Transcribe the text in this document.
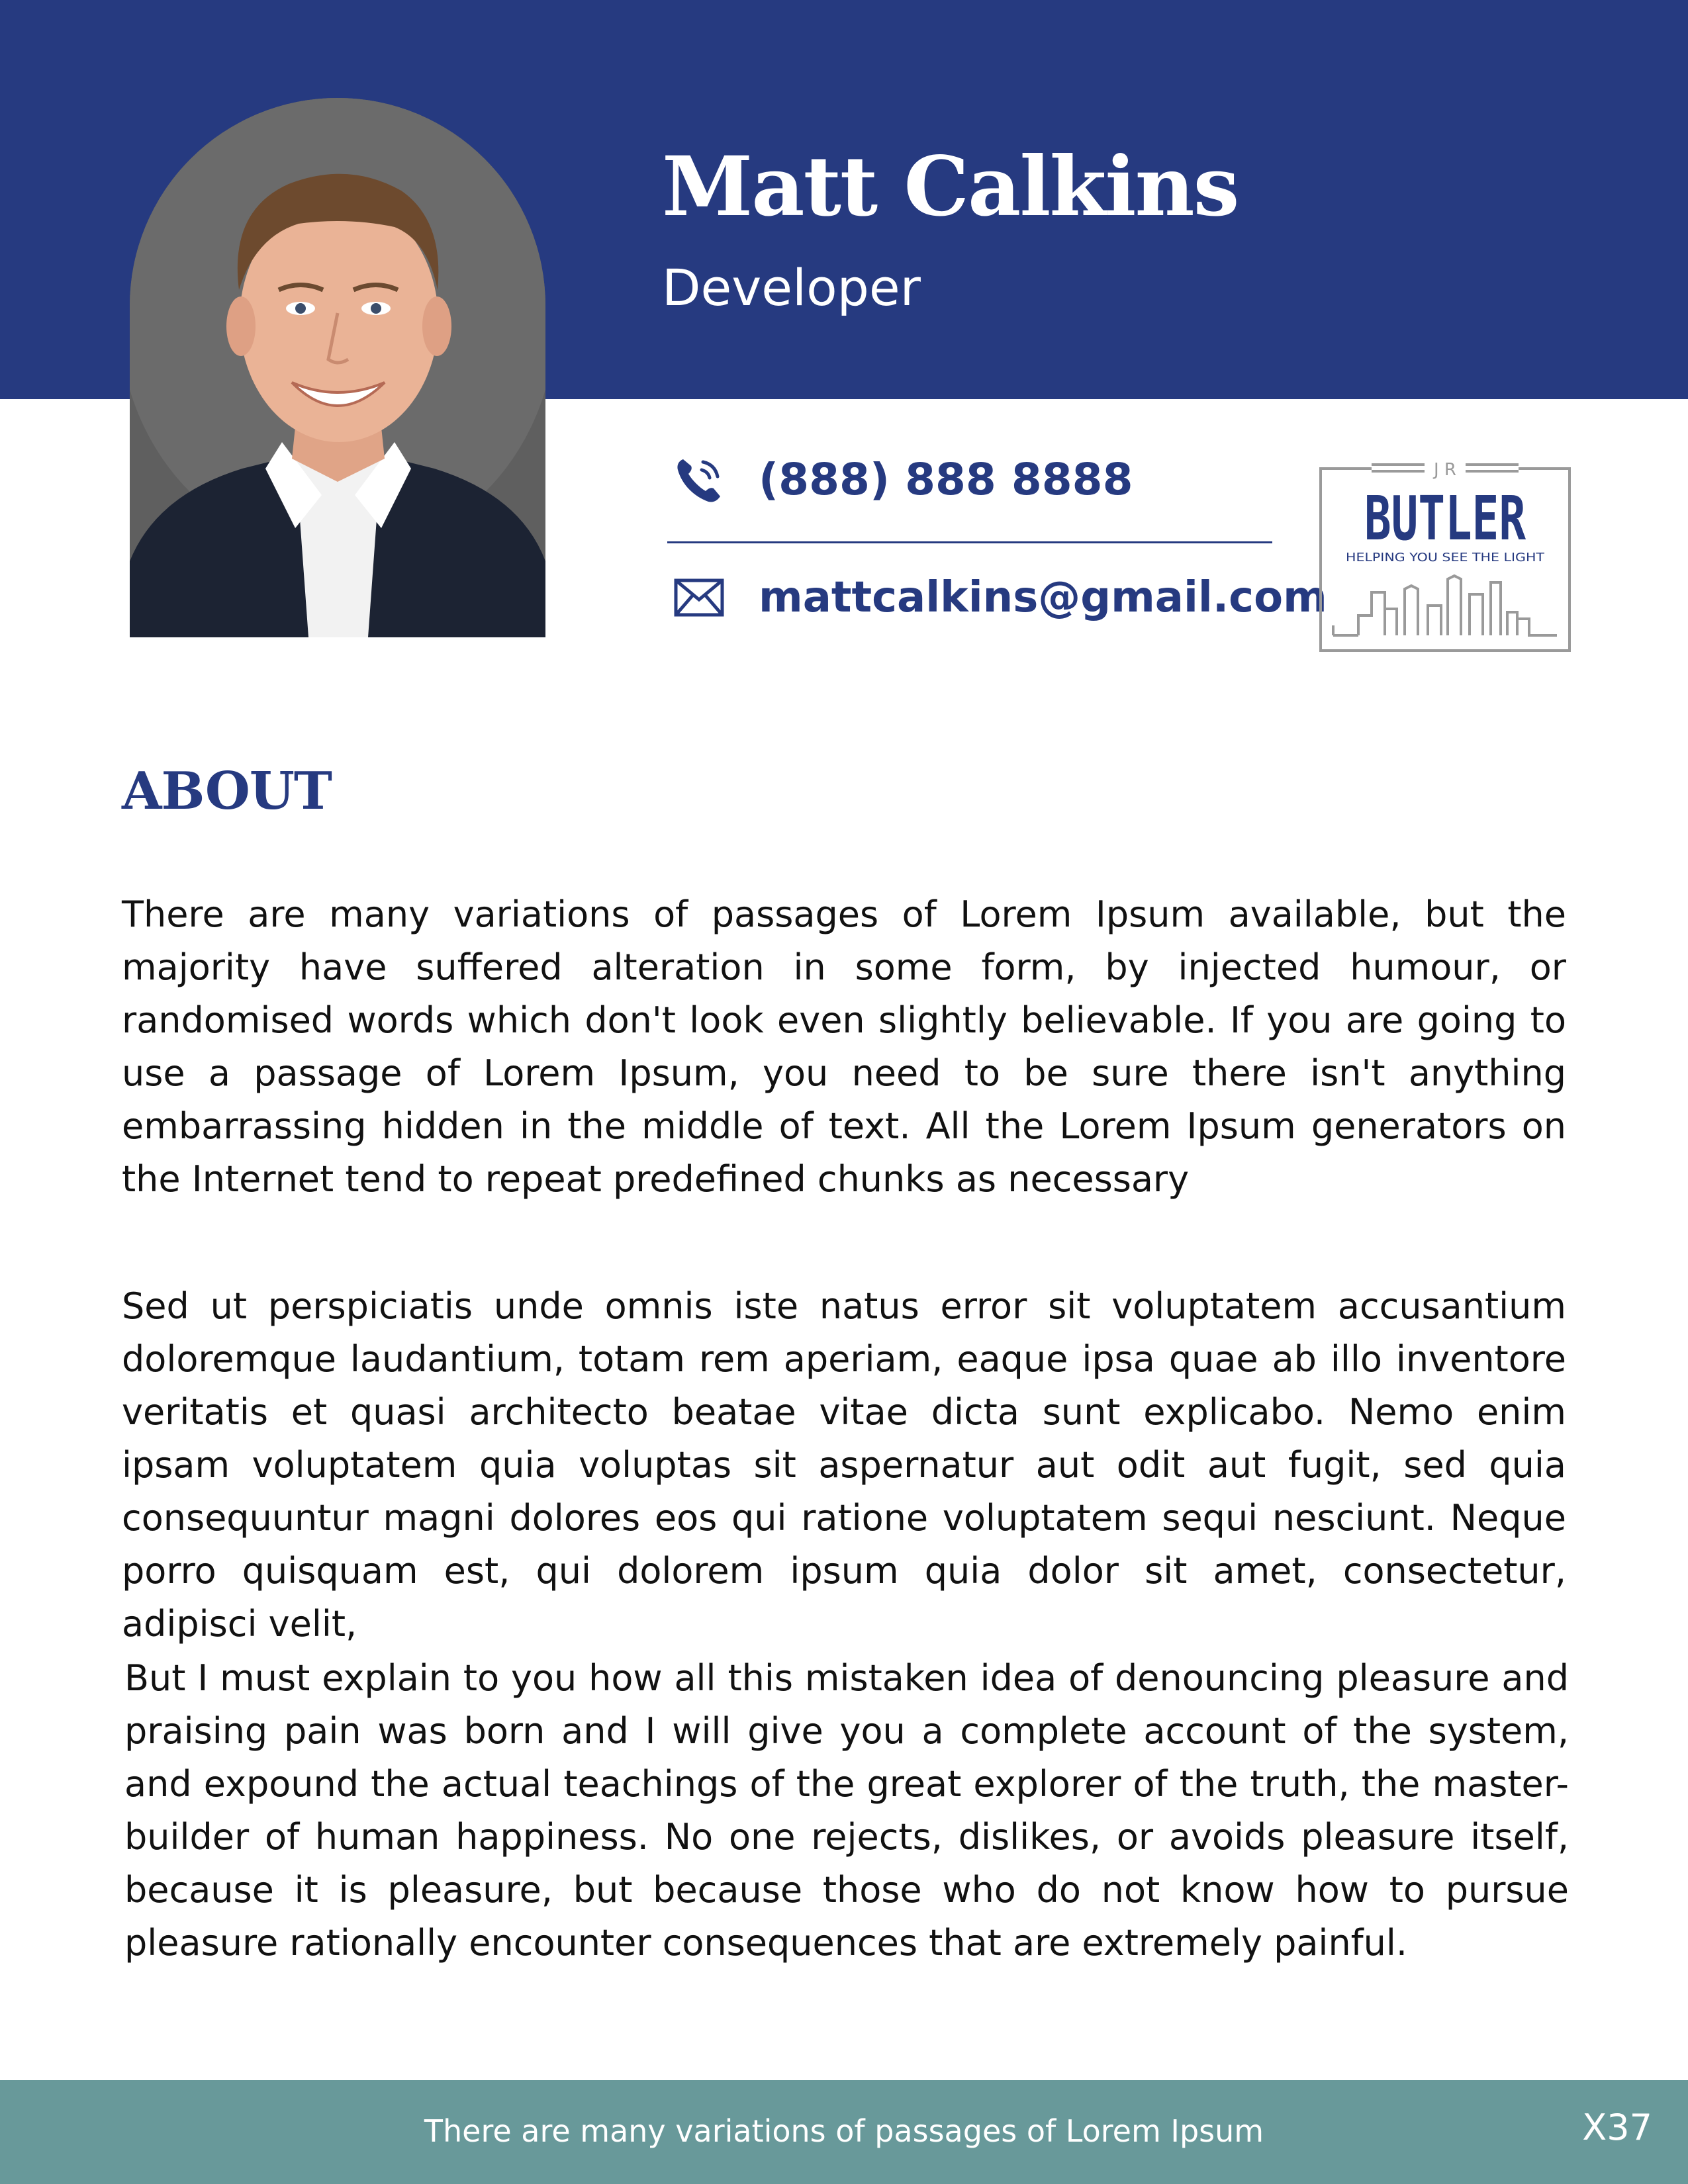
Matt Calkins
Developer
(888) 888 8888
mattcalkins@gmail.com
J R
BUTLER
HELPING YOU SEE THE LIGHT
ABOUT

There are many variations of passages of Lorem Ipsum available, but the majority have suffered alteration in some form, by injected humour, or randomised words which don't look even slightly believable. If you are going to use a passage of Lorem Ipsum, you need to be sure there isn't anything embarrassing hidden in the middle of text. All the Lorem Ipsum generators on the Internet tend to repeat predefined chunks as necessary

Sed ut perspiciatis unde omnis iste natus error sit voluptatem accusantium doloremque laudantium, totam rem aperiam, eaque ipsa quae ab illo inventore veritatis et quasi architecto beatae vitae dicta sunt explicabo. Nemo enim ipsam voluptatem quia voluptas sit aspernatur aut odit aut fugit, sed quia consequuntur magni dolores eos qui ratione voluptatem sequi nesciunt. Neque porro quisquam est, qui dolorem ipsum quia dolor sit amet, consectetur, adipisci velit,

But I must explain to you how all this mistaken idea of denouncing pleasure and praising pain was born and I will give you a complete account of the system, and expound the actual teachings of the great explorer of the truth, the master-builder of human happiness. No one rejects, dislikes, or avoids pleasure itself, because it is pleasure, but because those who do not know how to pursue pleasure rationally encounter consequences that are extremely painful.

There are many variations of passages of Lorem Ipsum	X37
